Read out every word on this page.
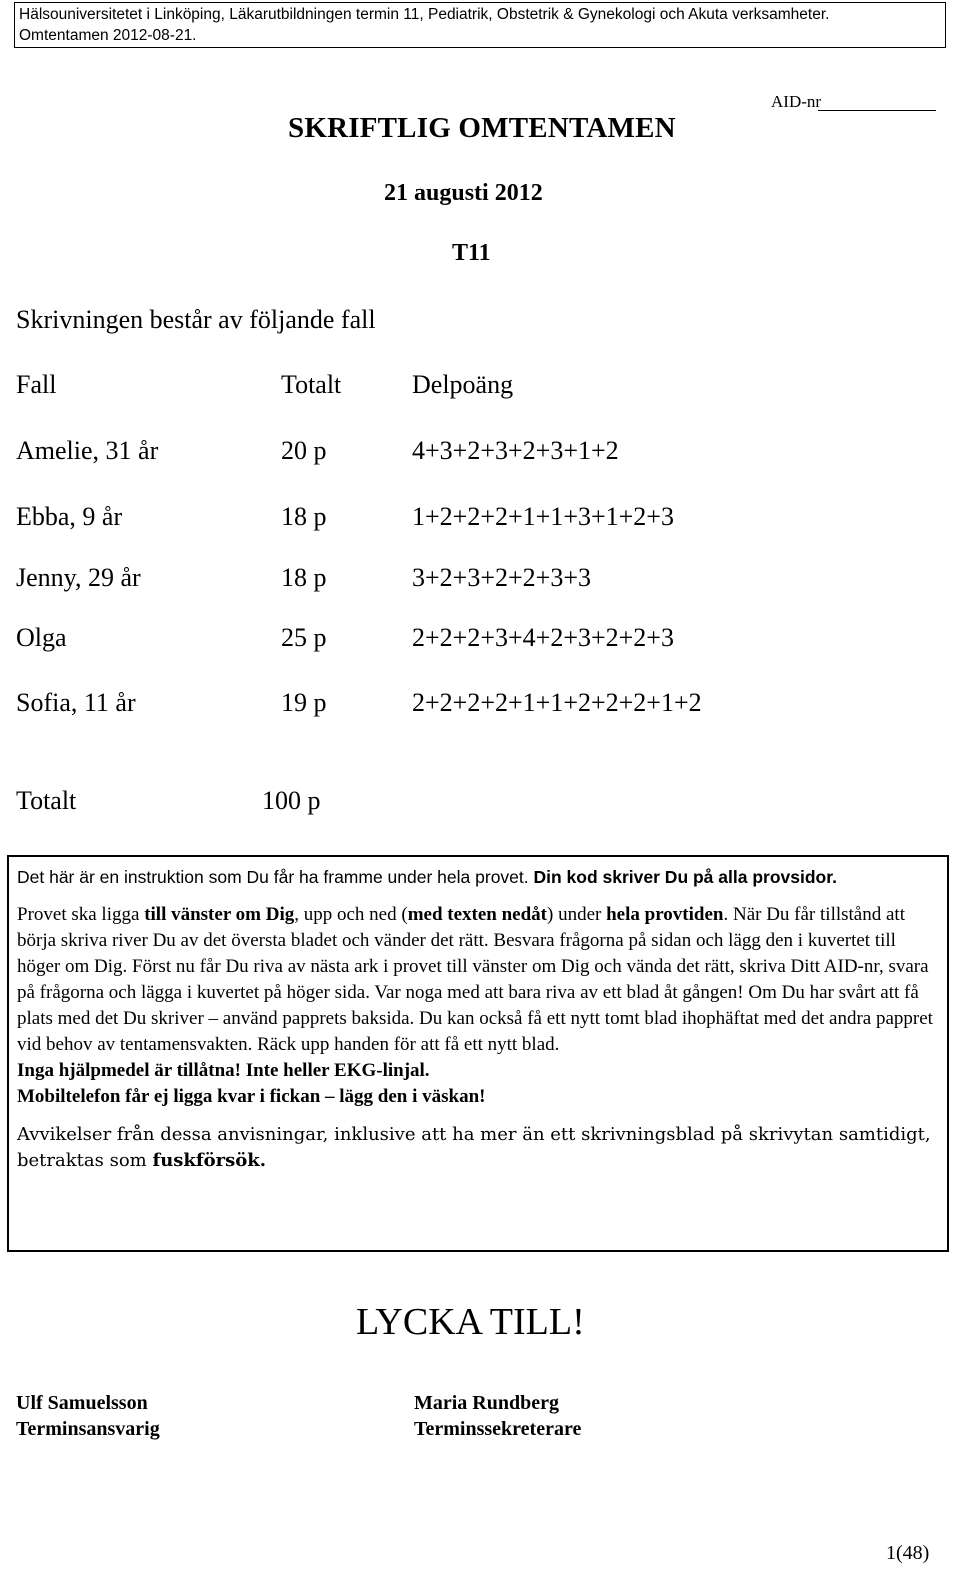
Hälsouniversitetet i Linköping, Läkarutbildningen termin 11, Pediatrik, Obstetrik & Gynekologi och Akuta verksamheter.
Omtentamen 2012-08-21.
AID-nr
SKRIFTLIG OMTENTAMEN
21 augusti 2012
T11
Skrivningen består av följande fall
Fall	Totalt	Delpoäng
Amelie, 31 år	20 p	4+3+2+3+2+3+1+2
Ebba, 9 år	18 p	1+2+2+2+1+1+3+1+2+3
Jenny, 29 år	18 p	3+2+3+2+2+3+3
Olga	25 p	2+2+2+3+4+2+3+2+2+3
Sofia, 11 år	19 p	2+2+2+2+1+1+2+2+2+1+2
Totalt	100 p

Det här är en instruktion som Du får ha framme under hela provet. Din kod skriver Du på alla provsidor.

Provet ska ligga till vänster om Dig, upp och ned (med texten nedåt) under hela provtiden. När Du får tillstånd att börja skriva river Du av det översta bladet och vänder det rätt. Besvara frågorna på sidan och lägg den i kuvertet till höger om Dig. Först nu får Du riva av nästa ark i provet till vänster om Dig och vända det rätt, skriva Ditt AID-nr, svara på frågorna och lägga i kuvertet på höger sida. Var noga med att bara riva av ett blad åt gången! Om Du har svårt att få plats med det Du skriver – använd papprets baksida. Du kan också få ett nytt tomt blad ihophäftat med det andra pappret vid behov av tentamensvakten. Räck upp handen för att få ett nytt blad.
Inga hjälpmedel är tillåtna! Inte heller EKG-linjal.
Mobiltelefon får ej ligga kvar i fickan – lägg den i väskan!

Avvikelser från dessa anvisningar, inklusive att ha mer än ett skrivningsblad på skrivytan samtidigt, betraktas som fuskförsök.

LYCKA TILL!
Ulf Samuelsson
Terminsansvarig
Maria Rundberg
Terminssekreterare
1(48)
